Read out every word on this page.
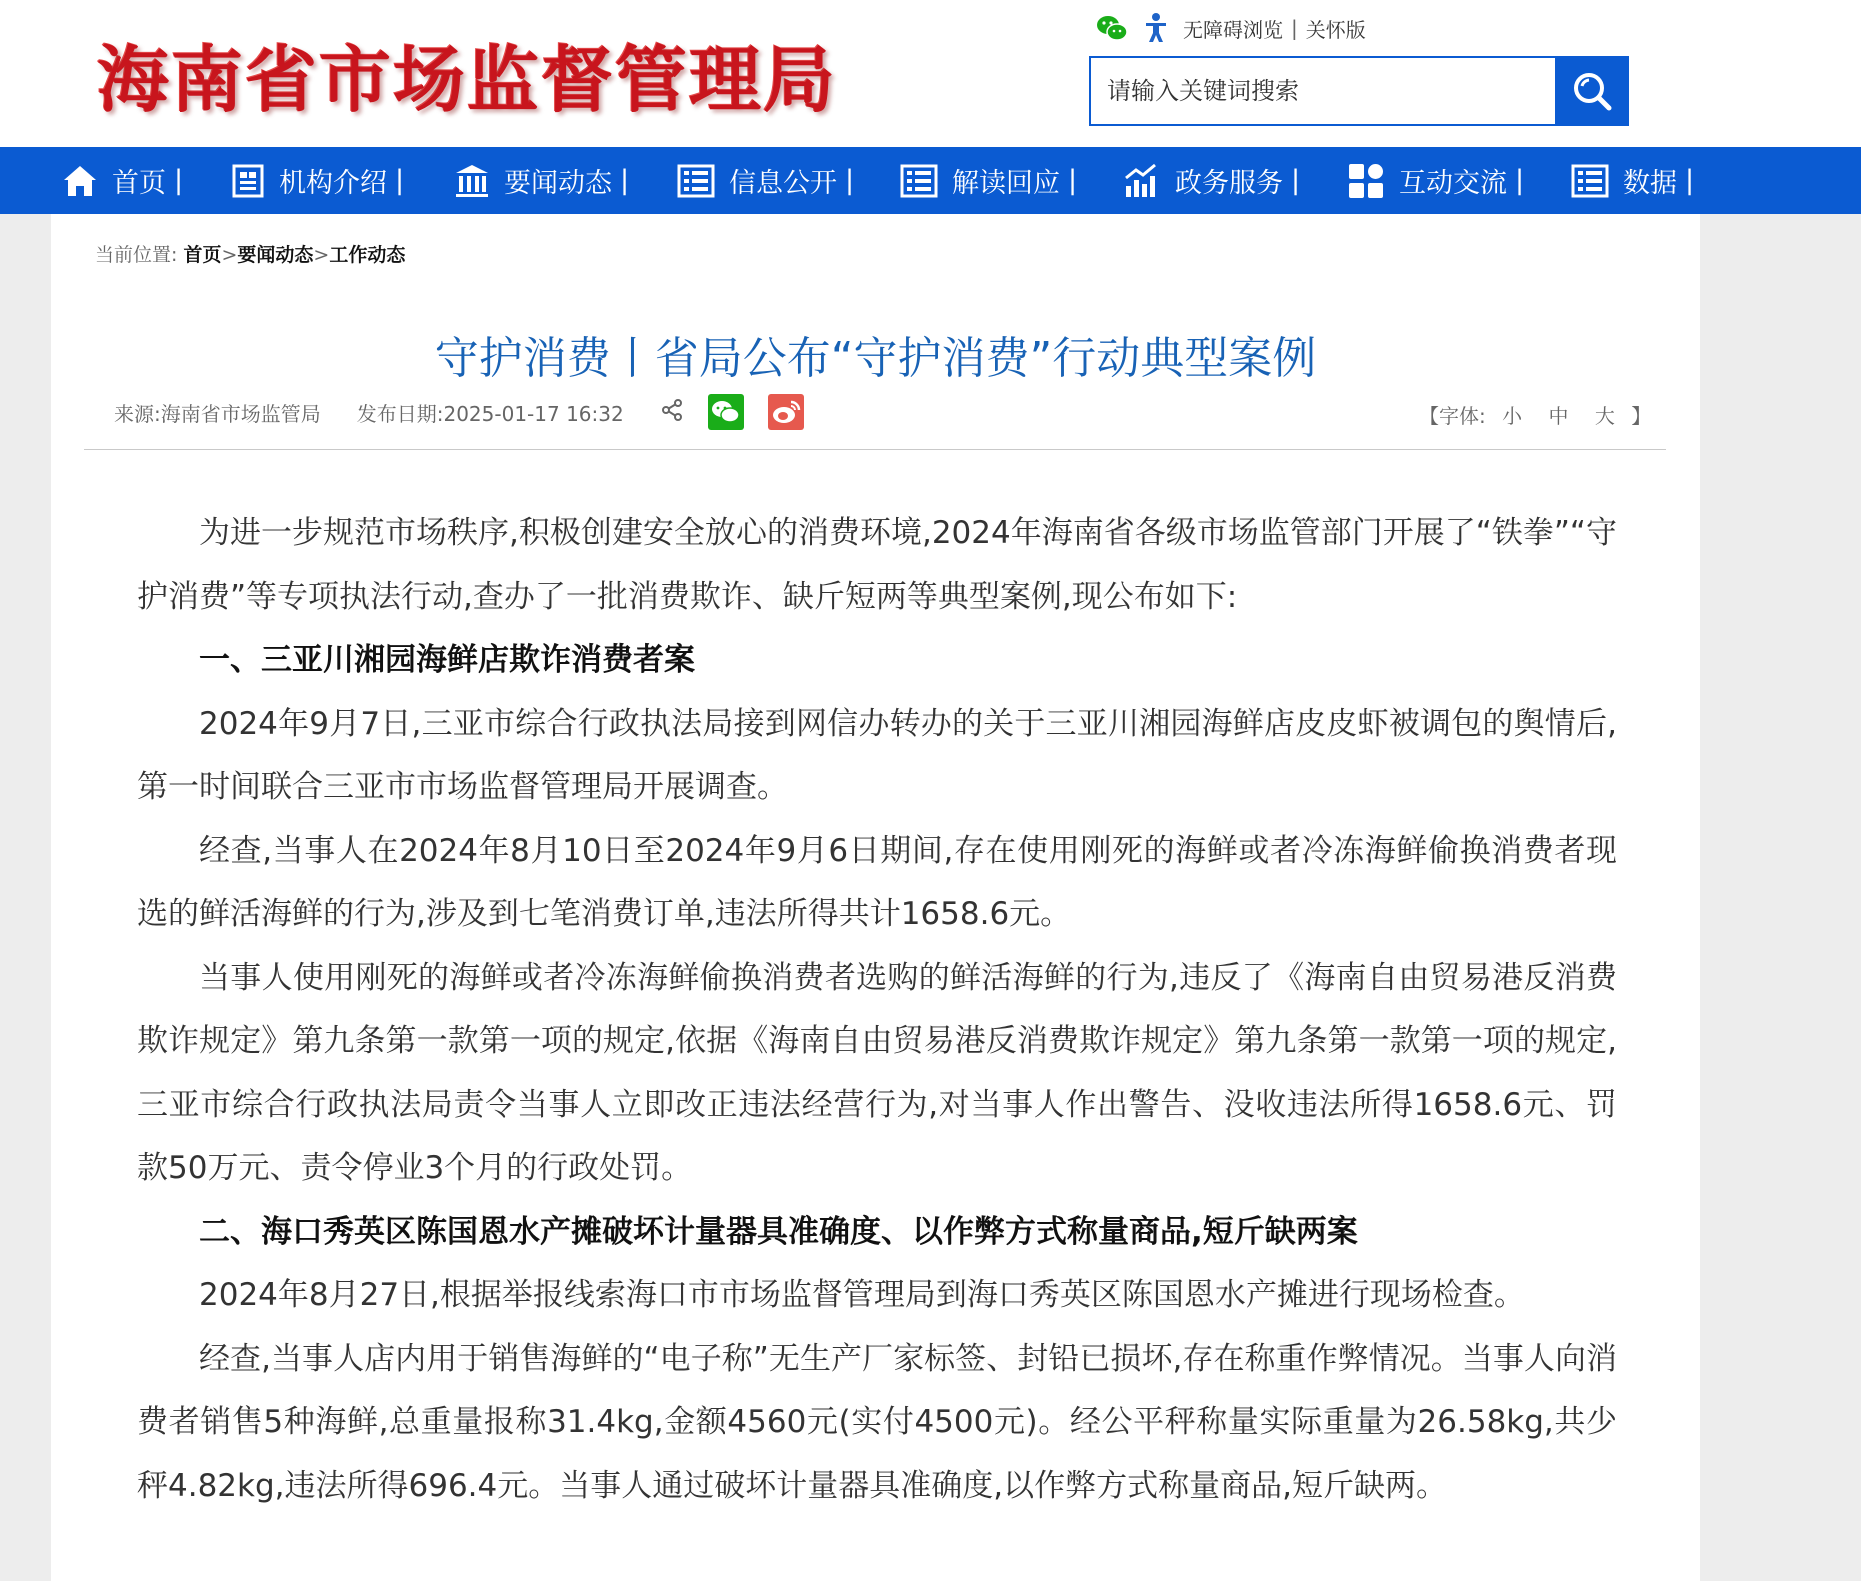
海南省市场监督管理局
无障碍浏览 | 关怀版
请输入关键词搜索
首页 |	机构介绍 |	要闻动态 |	信息公开 |	解读回应 |	政务服务 |	互动交流 |	数据 |
当前位置: 首页>要闻动态>工作动态
守护消费丨省局公布“守护消费”行动典型案例
来源:海南省市场监管局 发布日期:2025-01-17 16:32	【字体: 小 中 大 】

为进一步规范市场秩序,积极创建安全放心的消费环境,2024年海南省各级市场监管部门开展了“铁拳”“守护消费”等专项执法行动,查办了一批消费欺诈、缺斤短两等典型案例,现公布如下:

一、三亚川湘园海鲜店欺诈消费者案

2024年9月7日,三亚市综合行政执法局接到网信办转办的关于三亚川湘园海鲜店皮皮虾被调包的舆情后,第一时间联合三亚市市场监督管理局开展调查。

经查,当事人在2024年8月10日至2024年9月6日期间,存在使用刚死的海鲜或者冷冻海鲜偷换消费者现选的鲜活海鲜的行为,涉及到七笔消费订单,违法所得共计1658.6元。

当事人使用刚死的海鲜或者冷冻海鲜偷换消费者选购的鲜活海鲜的行为,违反了《海南自由贸易港反消费欺诈规定》第九条第一款第一项的规定,依据《海南自由贸易港反消费欺诈规定》第九条第一款第一项的规定,三亚市综合行政执法局责令当事人立即改正违法经营行为,对当事人作出警告、没收违法所得1658.6元、罚款50万元、责令停业3个月的行政处罚。

二、海口秀英区陈国恩水产摊破坏计量器具准确度、以作弊方式称量商品,短斤缺两案

2024年8月27日,根据举报线索海口市市场监督管理局到海口秀英区陈国恩水产摊进行现场检查。

经查,当事人店内用于销售海鲜的“电子称”无生产厂家标签、封铅已损坏,存在称重作弊情况。当事人向消费者销售5种海鲜,总重量报称31.4kg,金额4560元(实付4500元)。经公平秤称量实际重量为26.58kg,共少秤4.82kg,违法所得696.4元。当事人通过破坏计量器具准确度,以作弊方式称量商品,短斤缺两。
